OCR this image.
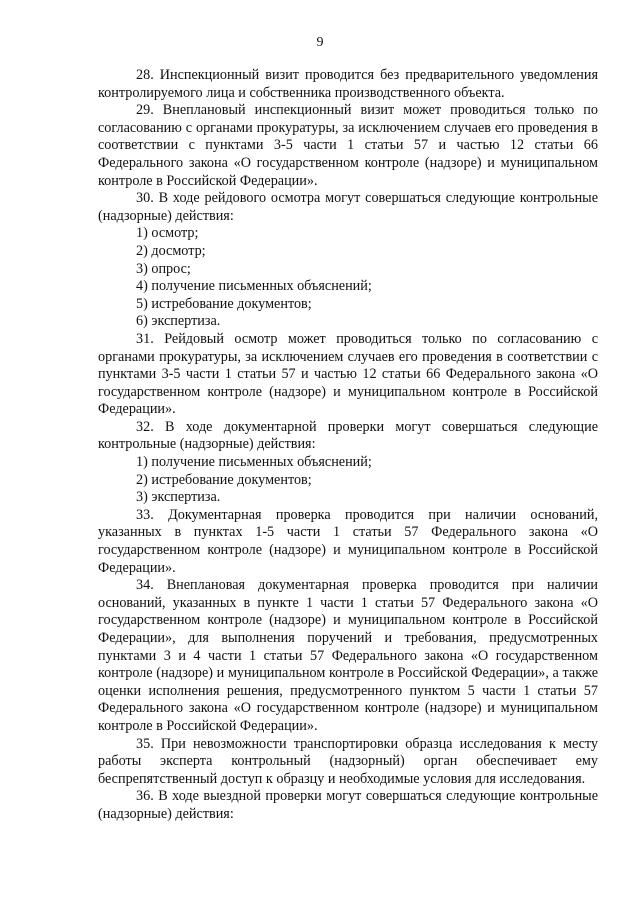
9

28. Инспекционный визит проводится без предварительного уведомления контролируемого лица и собственника производственного объекта.

29. Внеплановый инспекционный визит может проводиться только по согласованию с органами прокуратуры, за исключением случаев его проведения в соответствии с пунктами 3-5 части 1 статьи 57 и частью 12 статьи 66 Федерального закона «О государственном контроле (надзоре) и муниципальном контроле в Российской Федерации».

30. В ходе рейдового осмотра могут совершаться следующие контрольные (надзорные) действия:

1) осмотр;

2) досмотр;

3) опрос;

4) получение письменных объяснений;

5) истребование документов;

6) экспертиза.

31. Рейдовый осмотр может проводиться только по согласованию с органами прокуратуры, за исключением случаев его проведения в соответствии с пунктами 3-5 части 1 статьи 57 и частью 12 статьи 66 Федерального закона «О государственном контроле (надзоре) и муниципальном контроле в Российской Федерации».

32. В ходе документарной проверки могут совершаться следующие контрольные (надзорные) действия:

1) получение письменных объяснений;

2) истребование документов;

3) экспертиза.

33. Документарная проверка проводится при наличии оснований, указанных в пунктах 1-5 части 1 статьи 57 Федерального закона «О государственном контроле (надзоре) и муниципальном контроле в Российской Федерации».

34. Внеплановая документарная проверка проводится при наличии оснований, указанных в пункте 1 части 1 статьи 57 Федерального закона «О государственном контроле (надзоре) и муниципальном контроле в Российской Федерации», для выполнения поручений и требования, предусмотренных пунктами 3 и 4 части 1 статьи 57 Федерального закона «О государственном контроле (надзоре) и муниципальном контроле в Российской Федерации», а также оценки исполнения решения, предусмотренного пунктом 5 части 1 статьи 57 Федерального закона «О государственном контроле (надзоре) и муниципальном контроле в Российской Федерации».

35. При невозможности транспортировки образца исследования к месту работы эксперта контрольный (надзорный) орган обеспечивает ему беспрепятственный доступ к образцу и необходимые условия для исследования.

36. В ходе выездной проверки могут совершаться следующие контрольные (надзорные) действия:
